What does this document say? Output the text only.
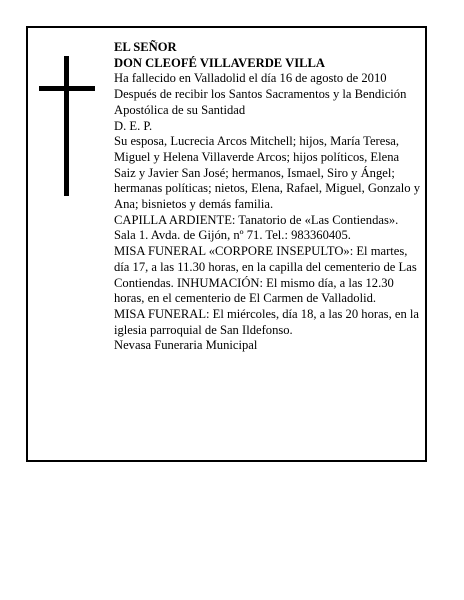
EL SEÑOR

DON CLEOFÉ VILLAVERDE VILLA

Ha fallecido en Valladolid el día 16 de agosto de 2010

Después de recibir los Santos Sacramentos y la Bendición Apostólica de su Santidad

D. E. P.

Su esposa, Lucrecia Arcos Mitchell; hijos, María Teresa, Miguel y Helena Villaverde Arcos; hijos políticos, Elena Saiz y Javier San José; hermanos, Ismael, Siro y Ángel; hermanas políticas; nietos, Elena, Rafael, Miguel, Gonzalo y Ana; bisnietos y demás familia.

CAPILLA ARDIENTE: Tanatorio de «Las Contiendas». Sala 1. Avda. de Gijón, nº 71. Tel.: 983360405.

MISA FUNERAL «CORPORE INSEPULTO»: El martes, día 17, a las 11.30 horas, en la capilla del cementerio de Las Contiendas. INHUMACIÓN: El mismo día, a las 12.30 horas, en el cementerio de El Carmen de Valladolid.

MISA FUNERAL: El miércoles, día 18, a las 20 horas, en la iglesia parroquial de San Ildefonso.

Nevasa Funeraria Municipal
